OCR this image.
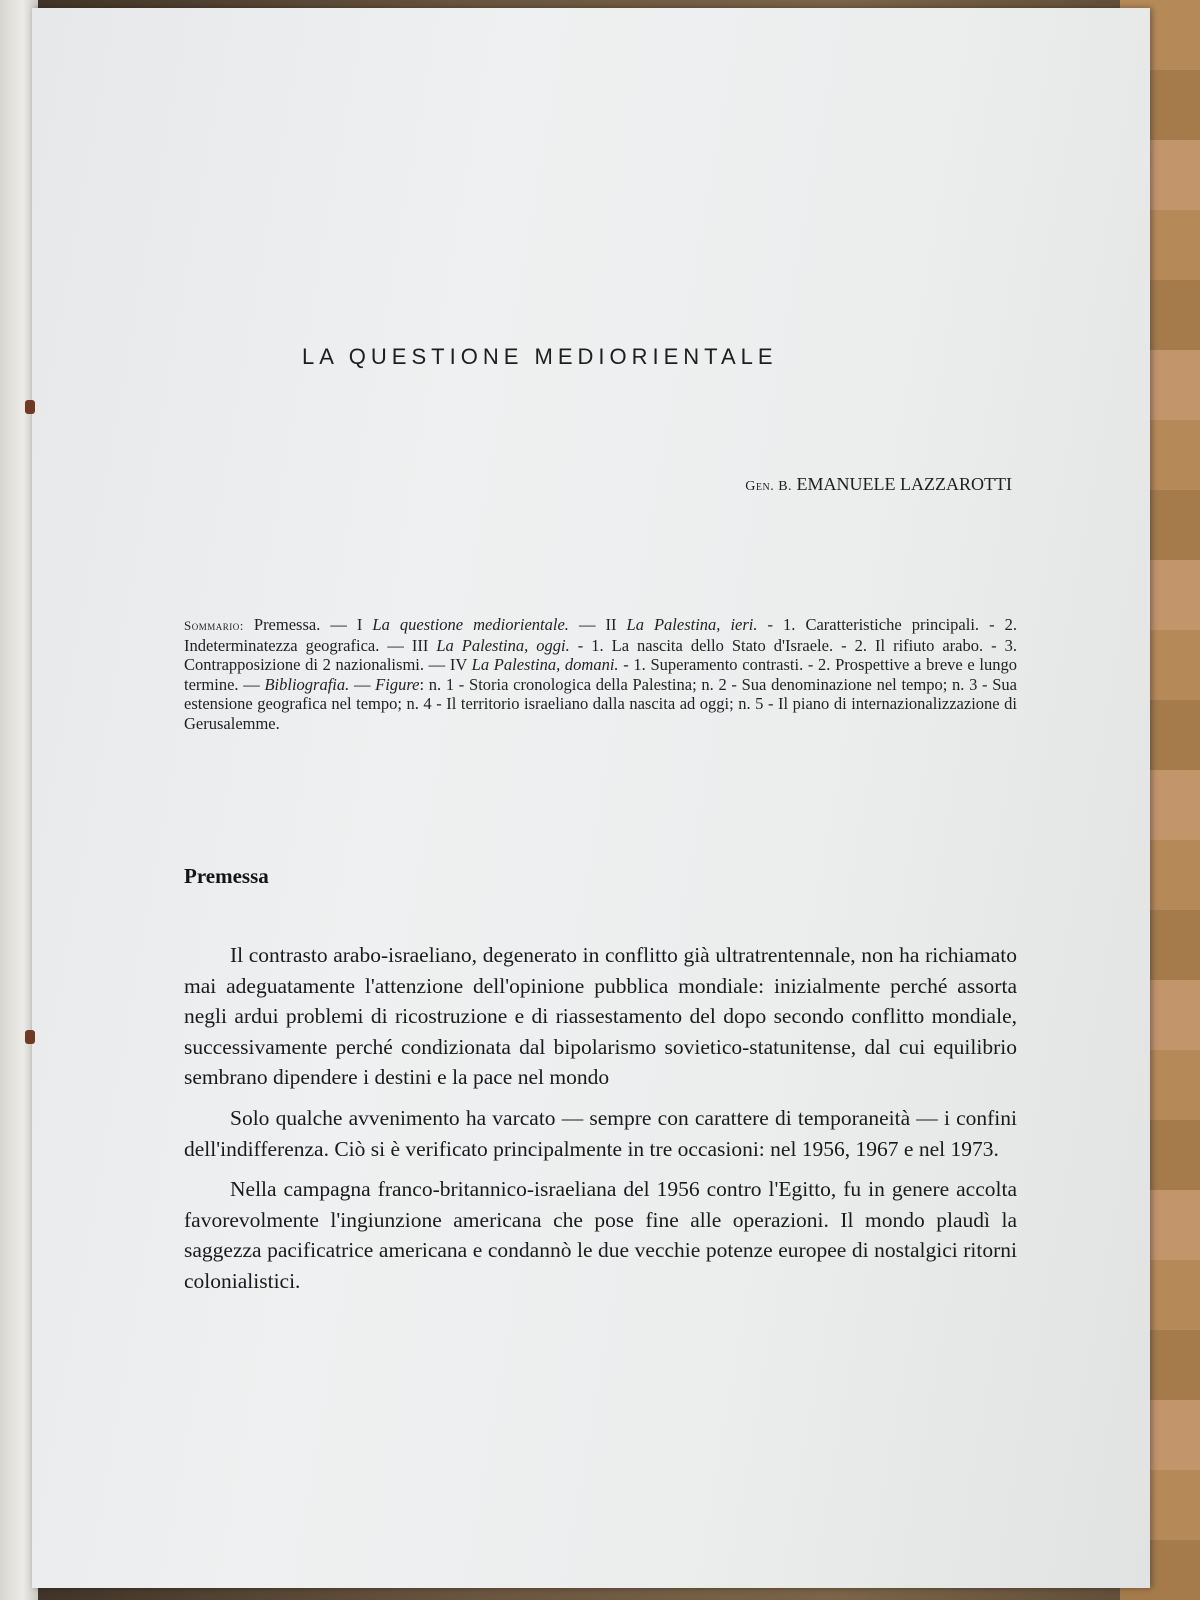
LA QUESTIONE MEDIORIENTALE
Gen. B. EMANUELE LAZZAROTTI
Sommario: Premessa. — I La questione mediorientale. — II La Palestina, ieri. - 1. Caratteristiche principali. - 2. Indeterminatezza geografica. — III La Palestina, oggi. - 1. La nascita dello Stato d'Israele. - 2. Il rifiuto arabo. - 3. Contrapposizione di 2 nazionalismi. — IV La Palestina, domani. - 1. Superamento contrasti. - 2. Prospettive a breve e lungo termine. — Bibliografia. — Figure: n. 1 - Storia cronologica della Palestina; n. 2 - Sua denominazione nel tempo; n. 3 - Sua estensione geografica nel tempo; n. 4 - Il territorio israeliano dalla nascita ad oggi; n. 5 - Il piano di internazionalizzazione di Gerusalemme.
Premessa

Il contrasto arabo-israeliano, degenerato in conflitto già ultratrentennale, non ha richiamato mai adeguatamente l'attenzione dell'opinione pubblica mondiale: inizialmente perché assorta negli ardui problemi di ricostruzione e di riassestamento del dopo secondo conflitto mondiale, successivamente perché condizionata dal bipolarismo sovietico-statunitense, dal cui equilibrio sembrano dipendere i destini e la pace nel mondo

Solo qualche avvenimento ha varcato — sempre con carattere di temporaneità — i confini dell'indifferenza. Ciò si è verificato principalmente in tre occasioni: nel 1956, 1967 e nel 1973.

Nella campagna franco-britannico-israeliana del 1956 contro l'Egitto, fu in genere accolta favorevolmente l'ingiunzione americana che pose fine alle operazioni. Il mondo plaudì la saggezza pacificatrice americana e condannò le due vecchie potenze europee di nostalgici ritorni colonialistici.
